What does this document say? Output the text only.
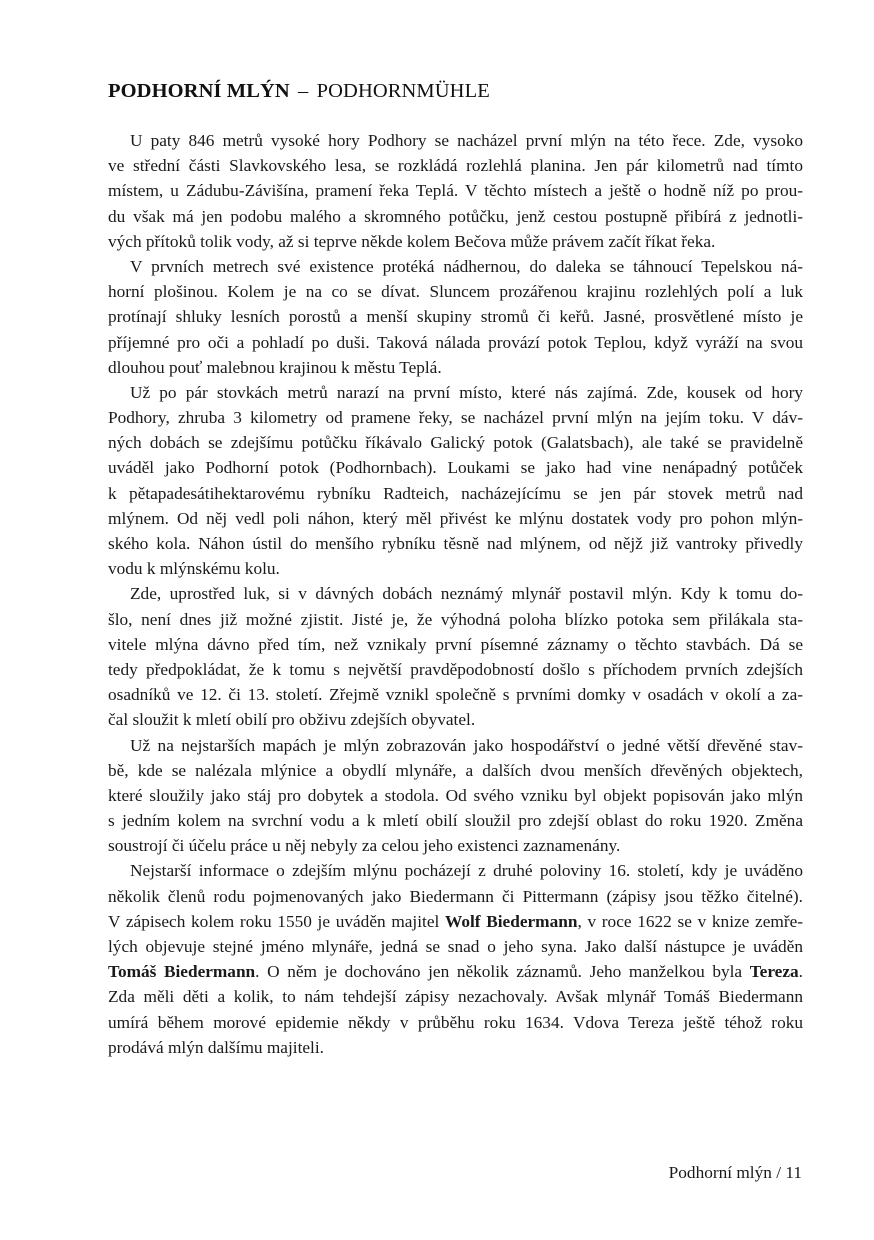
PODHORNÍ MLÝN – PODHORNMÜHLE
U paty 846 metrů vysoké hory Podhory se nacházel první mlýn na této řece. Zde, vysoko
ve střední části Slavkovského lesa, se rozkládá rozlehlá planina. Jen pár kilometrů nad tímto
místem, u Zádubu-Závišína, pramení řeka Teplá. V těchto místech a ještě o hodně níž po prou-
du však má jen podobu malého a skromného potůčku, jenž cestou postupně přibírá z jednotli-
vých přítoků tolik vody, až si teprve někde kolem Bečova může právem začít říkat řeka.
V prvních metrech své existence protéká nádhernou, do daleka se táhnoucí Tepelskou ná-
horní plošinou. Kolem je na co se dívat. Sluncem prozářenou krajinu rozlehlých polí a luk
protínají shluky lesních porostů a menší skupiny stromů či keřů. Jasné, prosvětlené místo je
příjemné pro oči a pohladí po duši. Taková nálada provází potok Teplou, když vyráží na svou
dlouhou pouť malebnou krajinou k městu Teplá.
Už po pár stovkách metrů narazí na první místo, které nás zajímá. Zde, kousek od hory
Podhory, zhruba 3 kilometry od pramene řeky, se nacházel první mlýn na jejím toku. V dáv-
ných dobách se zdejšímu potůčku říkávalo Galický potok (Galatsbach), ale také se pravidelně
uváděl jako Podhorní potok (Podhornbach). Loukami se jako had vine nenápadný potůček
k pětapadesátihektarovému rybníku Radteich, nacházejícímu se jen pár stovek metrů nad
mlýnem. Od něj vedl poli náhon, který měl přivést ke mlýnu dostatek vody pro pohon mlýn-
ského kola. Náhon ústil do menšího rybníku těsně nad mlýnem, od nějž již vantroky přivedly
vodu k mlýnskému kolu.
Zde, uprostřed luk, si v dávných dobách neznámý mlynář postavil mlýn. Kdy k tomu do-
šlo, není dnes již možné zjistit. Jisté je, že výhodná poloha blízko potoka sem přilákala sta-
vitele mlýna dávno před tím, než vznikaly první písemné záznamy o těchto stavbách. Dá se
tedy předpokládat, že k tomu s největší pravděpodobností došlo s příchodem prvních zdejších
osadníků ve 12. či 13. století. Zřejmě vznikl společně s prvními domky v osadách v okolí a za-
čal sloužit k mletí obilí pro obživu zdejších obyvatel.
Už na nejstarších mapách je mlýn zobrazován jako hospodářství o jedné větší dřevěné stav-
bě, kde se nalézala mlýnice a obydlí mlynáře, a dalších dvou menších dřevěných objektech,
které sloužily jako stáj pro dobytek a stodola. Od svého vzniku byl objekt popisován jako mlýn
s jedním kolem na svrchní vodu a k mletí obilí sloužil pro zdejší oblast do roku 1920. Změna
soustrojí či účelu práce u něj nebyly za celou jeho existenci zaznamenány.
Nejstarší informace o zdejším mlýnu pocházejí z druhé poloviny 16. století, kdy je uváděno
několik členů rodu pojmenovaných jako Biedermann či Pittermann (zápisy jsou těžko čitelné).
V zápisech kolem roku 1550 je uváděn majitel Wolf Biedermann, v roce 1622 se v knize zemře-
lých objevuje stejné jméno mlynáře, jedná se snad o jeho syna. Jako další nástupce je uváděn
Tomáš Biedermann. O něm je dochováno jen několik záznamů. Jeho manželkou byla Tereza.
Zda měli děti a kolik, to nám tehdejší zápisy nezachovaly. Avšak mlynář Tomáš Biedermann
umírá během morové epidemie někdy v průběhu roku 1634. Vdova Tereza ještě téhož roku
prodává mlýn dalšímu majiteli.
Podhorní mlýn / 11
